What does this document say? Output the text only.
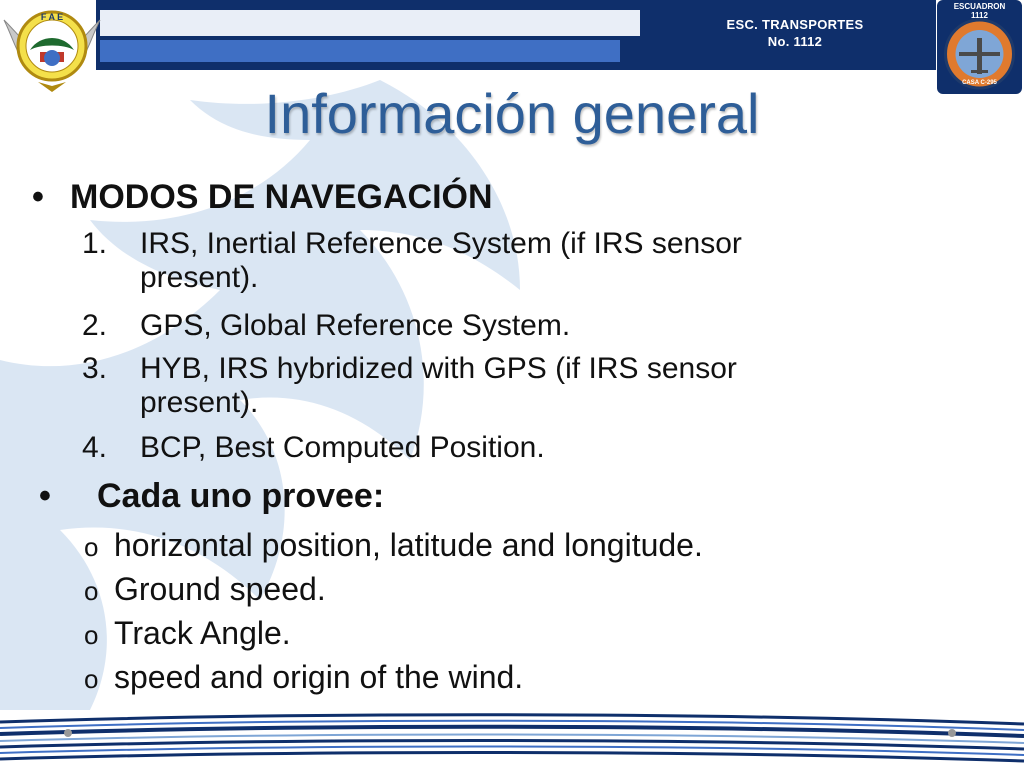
ESC. TRANSPORTES
No. 1112
F A E
ESCUADRON
1112
CASA C-295
Información general
• MODOS DE NAVEGACIÓN
1. IRS, Inertial Reference System (if IRS sensor
present).
2. GPS, Global Reference System.
3. HYB, IRS hybridized with GPS (if IRS sensor
present).
4. BCP, Best Computed Position.
• Cada uno provee:
o horizontal position, latitude and longitude.
o Ground speed.
o Track Angle.
o speed and origin of the wind.
